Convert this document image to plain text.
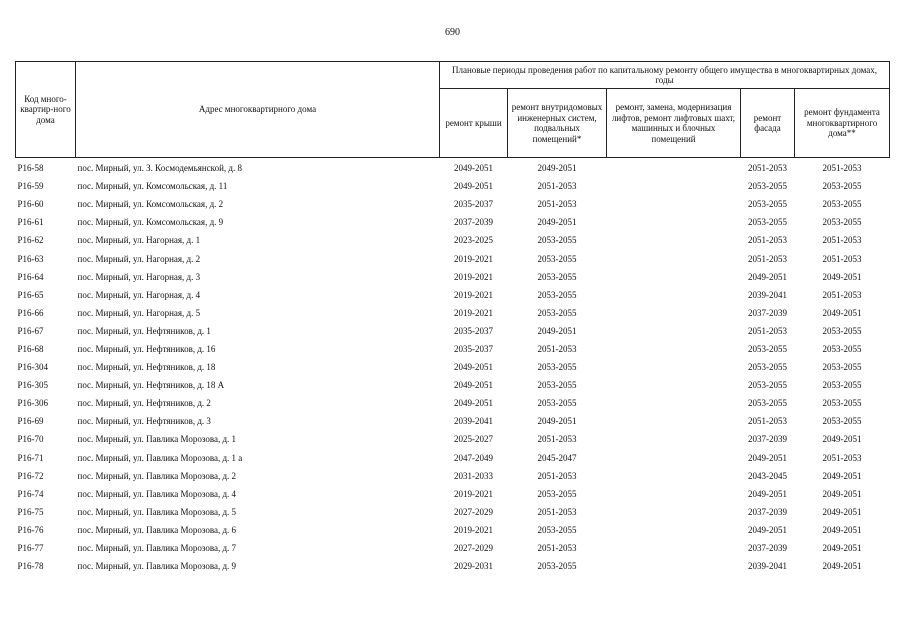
690
Код много-квартир-ного дома	Адрес многоквартирного дома	Плановые периоды проведения работ по капитальному ремонту общего имущества в многоквартирных домах, годы				
		ремонт крыши	ремонт внутридомовых инженерных систем, подвальных помещений*	ремонт, замена, модернизация лифтов, ремонт лифтовых шахт, машинных и блочных помещений	ремонт фасада	ремонт фундамента многоквартирного дома**
Р16-58	пос. Мирный, ул. З. Космодемьянской, д. 8	2049-2051	2049-2051		2051-2053	2051-2053
Р16-59	пос. Мирный, ул. Комсомольская, д. 11	2049-2051	2051-2053		2053-2055	2053-2055
Р16-60	пос. Мирный, ул. Комсомольская, д. 2	2035-2037	2051-2053		2053-2055	2053-2055
Р16-61	пос. Мирный, ул. Комсомольская, д. 9	2037-2039	2049-2051		2053-2055	2053-2055
Р16-62	пос. Мирный, ул. Нагорная, д. 1	2023-2025	2053-2055		2051-2053	2051-2053
Р16-63	пос. Мирный, ул. Нагорная, д. 2	2019-2021	2053-2055		2051-2053	2051-2053
Р16-64	пос. Мирный, ул. Нагорная, д. 3	2019-2021	2053-2055		2049-2051	2049-2051
Р16-65	пос. Мирный, ул. Нагорная, д. 4	2019-2021	2053-2055		2039-2041	2051-2053
Р16-66	пос. Мирный, ул. Нагорная, д. 5	2019-2021	2053-2055		2037-2039	2049-2051
Р16-67	пос. Мирный, ул. Нефтяников, д. 1	2035-2037	2049-2051		2051-2053	2053-2055
Р16-68	пос. Мирный, ул. Нефтяников, д. 16	2035-2037	2051-2053		2053-2055	2053-2055
Р16-304	пос. Мирный, ул. Нефтяников, д. 18	2049-2051	2053-2055		2053-2055	2053-2055
Р16-305	пос. Мирный, ул. Нефтяников, д. 18 А	2049-2051	2053-2055		2053-2055	2053-2055
Р16-306	пос. Мирный, ул. Нефтяников, д. 2	2049-2051	2053-2055		2053-2055	2053-2055
Р16-69	пос. Мирный, ул. Нефтяников, д. 3	2039-2041	2049-2051		2051-2053	2053-2055
Р16-70	пос. Мирный, ул. Павлика Морозова, д. 1	2025-2027	2051-2053		2037-2039	2049-2051
Р16-71	пос. Мирный, ул. Павлика Морозова, д. 1 а	2047-2049	2045-2047		2049-2051	2051-2053
Р16-72	пос. Мирный, ул. Павлика Морозова, д. 2	2031-2033	2051-2053		2043-2045	2049-2051
Р16-74	пос. Мирный, ул. Павлика Морозова, д. 4	2019-2021	2053-2055		2049-2051	2049-2051
Р16-75	пос. Мирный, ул. Павлика Морозова, д. 5	2027-2029	2051-2053		2037-2039	2049-2051
Р16-76	пос. Мирный, ул. Павлика Морозова, д. 6	2019-2021	2053-2055		2049-2051	2049-2051
Р16-77	пос. Мирный, ул. Павлика Морозова, д. 7	2027-2029	2051-2053		2037-2039	2049-2051
Р16-78	пос. Мирный, ул. Павлика Морозова, д. 9	2029-2031	2053-2055		2039-2041	2049-2051
